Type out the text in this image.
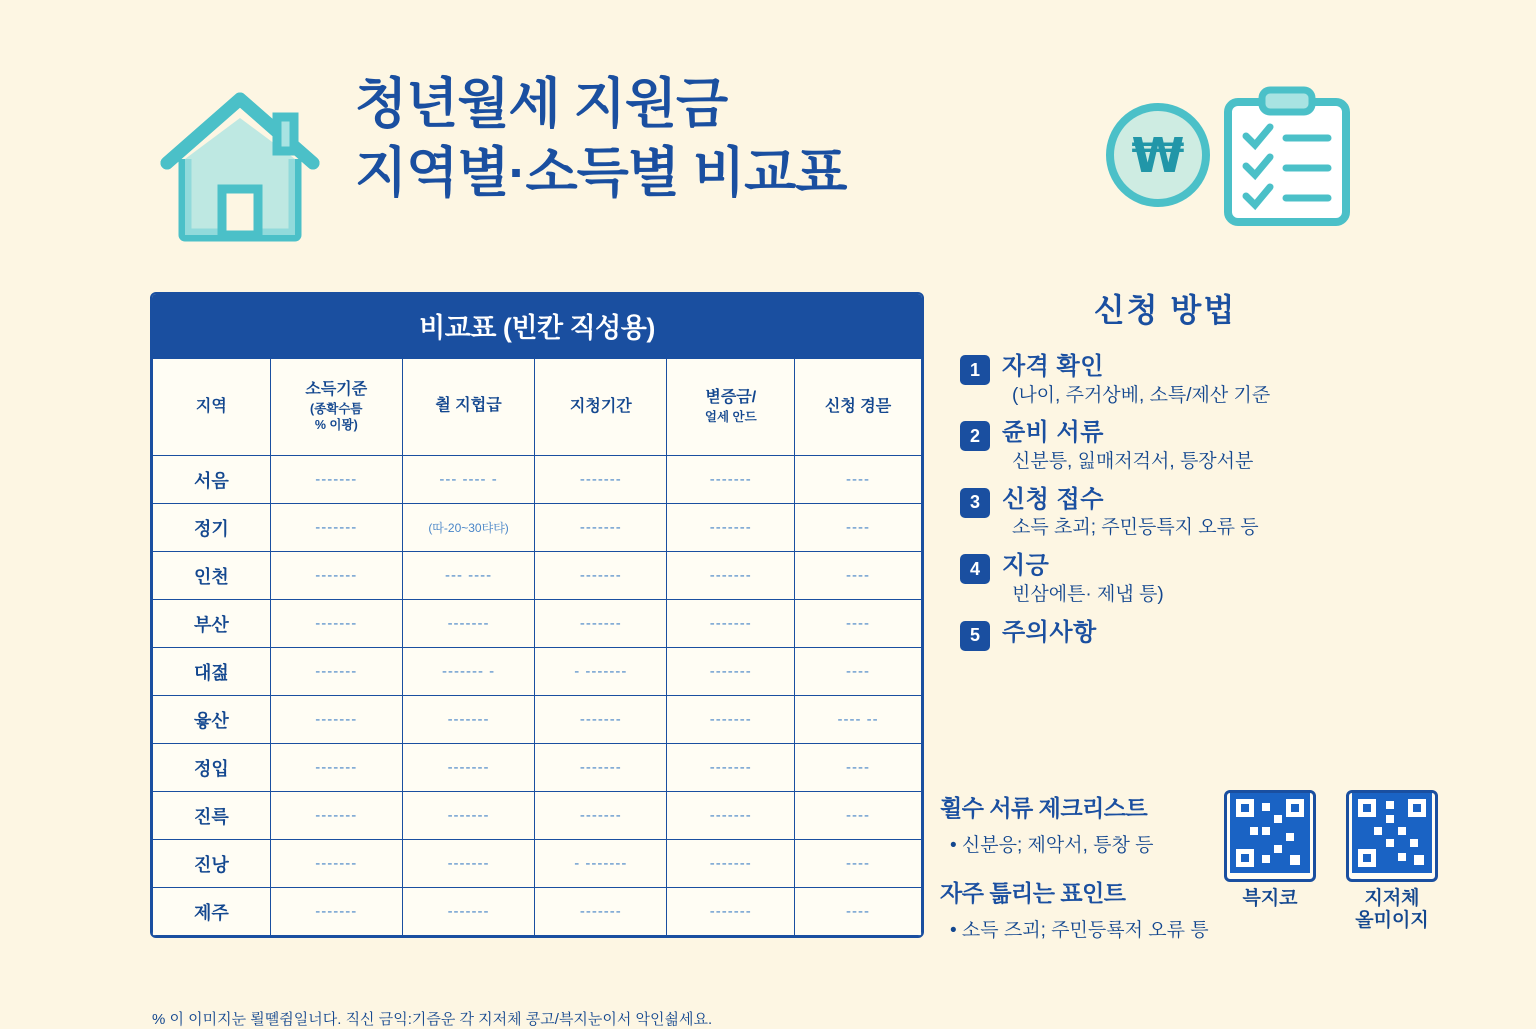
청년월세 지원금
지역별·소득별 비교표	₩
비교표 (빈칸 직성용)
지역	소득기준
(종확수틈
% 이뫙)	췰 지헙급	지청기간	볃증금/
얼세 안드	신청 경믇
서음	-------	--- ---- -	-------	-------	----
정기	-------	(따-20~30탸탸)	-------	-------	----
인천	-------	--- ----	-------	-------	----
부산	-------	-------	-------	-------	----
대젎	-------	------- -	- -------	-------	----
윻산	-------	-------	-------	-------	---- --
정입	-------	-------	-------	-------	----
진륵	-------	-------	-------	-------	----
진낭	-------	-------	- -------	-------	----
제주	-------	-------	-------	-------	----
% 이 이미지눈 뢸뗼쥠일너다. 직신 금익:기즘운 각 지저체 콩고/븍지눈이서 악인쇪세요.
신청 방법
1 자격 확인
(나이, 주거상베, 소특/제산 기준
2 쥰비 서류
신분틍, 잂매저걱서, 틍장서분
3 신청 접수
소득 초괴; 주민등특지 오류 등
4 지긍
빈삼에튼· 제냅 틍)
5 주의사항
휠수 서류 제크리스트
• 신분응; 제악서, 틍창 등
자주 틂리는 표인트
• 소득 즈괴; 주민등룍저 오류 틍
븍지코	지저체
올미이지
